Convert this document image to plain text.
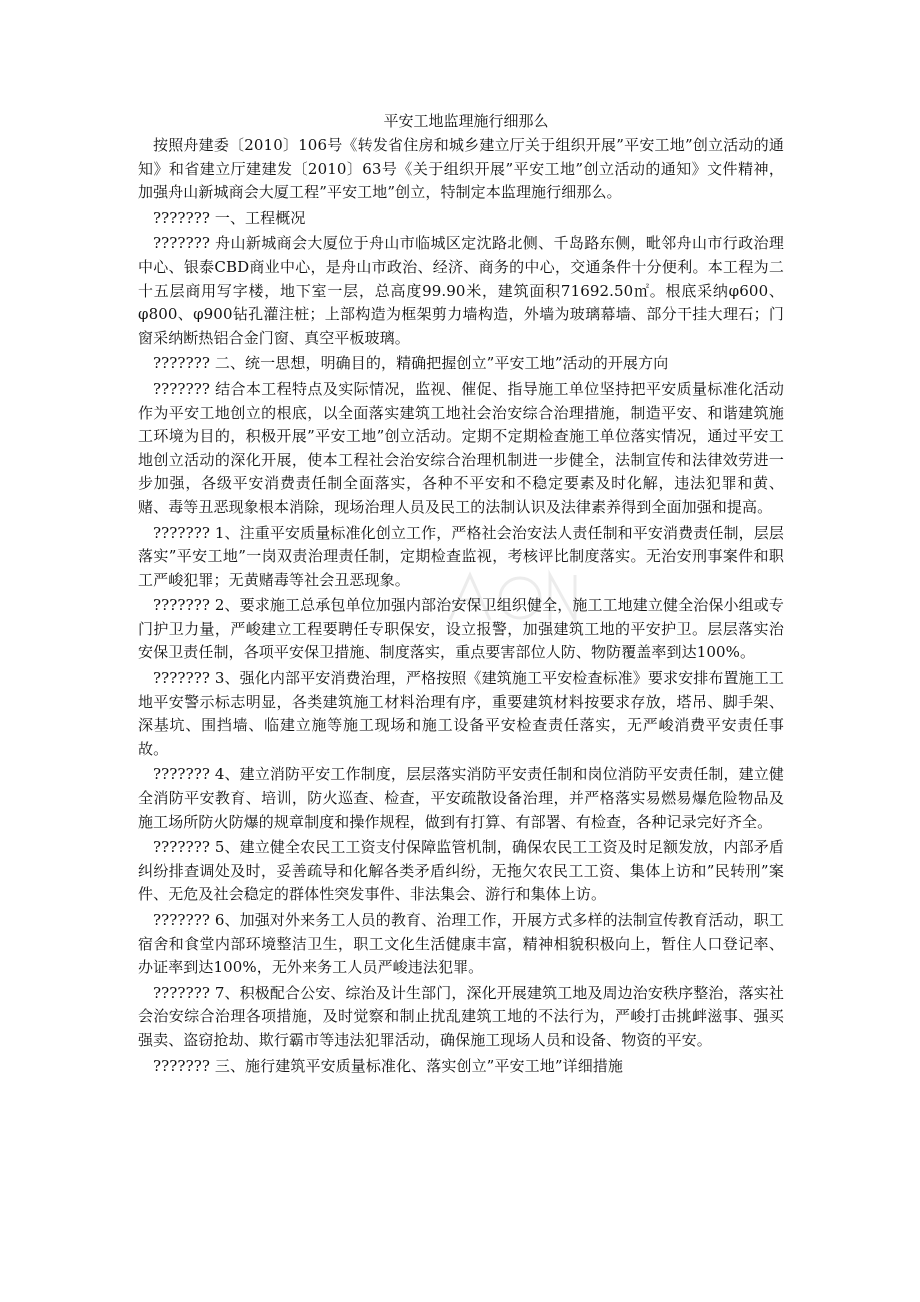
平安工地监理施行细那么
按照舟建委〔2010〕106号《转发省住房和城乡建立厅关于组织开展”平安工地”创立活动的通知》和省建立厅建建发〔2010〕63号《关于组织开展”平安工地”创立活动的通知》文件精神，加强舟山新城商会大厦工程”平安工地”创立，特制定本监理施行细那么。
??????? 一、工程概况
??????? 舟山新城商会大厦位于舟山市临城区定沈路北侧、千岛路东侧，毗邻舟山市行政治理中心、银泰CBD商业中心，是舟山市政治、经济、商务的中心，交通条件十分便利。本工程为二十五层商用写字楼，地下室一层，总高度99.90米，建筑面积71692.50㎡。根底采纳φ600、φ800、φ900钻孔灌注桩；上部构造为框架剪力墙构造，外墙为玻璃幕墙、部分干挂大理石；门窗采纳断热铝合金门窗、真空平板玻璃。
??????? 二、统一思想，明确目的，精确把握创立”平安工地”活动的开展方向
??????? 结合本工程特点及实际情况，监视、催促、指导施工单位坚持把平安质量标准化活动作为平安工地创立的根底，以全面落实建筑工地社会治安综合治理措施，制造平安、和谐建筑施工环境为目的，积极开展”平安工地”创立活动。定期不定期检查施工单位落实情况，通过平安工地创立活动的深化开展，使本工程社会治安综合治理机制进一步健全，法制宣传和法律效劳进一步加强，各级平安消费责任制全面落实，各种不平安和不稳定要素及时化解，违法犯罪和黄、赌、毒等丑恶现象根本消除，现场治理人员及民工的法制认识及法律素养得到全面加强和提高。
??????? 1、注重平安质量标准化创立工作，严格社会治安法人责任制和平安消费责任制，层层落实”平安工地”一岗双责治理责任制，定期检查监视，考核评比制度落实。无治安刑事案件和职工严峻犯罪；无黄赌毒等社会丑恶现象。
??????? 2、要求施工总承包单位加强内部治安保卫组织健全，施工工地建立健全治保小组或专门护卫力量，严峻建立工程要聘任专职保安，设立报警，加强建筑工地的平安护卫。层层落实治安保卫责任制，各项平安保卫措施、制度落实，重点要害部位人防、物防覆盖率到达100%。
??????? 3、强化内部平安消费治理，严格按照《建筑施工平安检查标准》要求安排布置施工工地平安警示标志明显，各类建筑施工材料治理有序，重要建筑材料按要求存放，塔吊、脚手架、深基坑、围挡墙、临建立施等施工现场和施工设备平安检查责任落实，无严峻消费平安责任事故。
??????? 4、建立消防平安工作制度，层层落实消防平安责任制和岗位消防平安责任制，建立健全消防平安教育、培训，防火巡查、检查，平安疏散设备治理，并严格落实易燃易爆危险物品及施工场所防火防爆的规章制度和操作规程，做到有打算、有部署、有检查，各种记录完好齐全。
??????? 5、建立健全农民工工资支付保障监管机制，确保农民工工资及时足额发放，内部矛盾纠纷排查调处及时，妥善疏导和化解各类矛盾纠纷，无拖欠农民工工资、集体上访和”民转刑”案件、无危及社会稳定的群体性突发事件、非法集会、游行和集体上访。
??????? 6、加强对外来务工人员的教育、治理工作，开展方式多样的法制宣传教育活动，职工宿舍和食堂内部环境整洁卫生，职工文化生活健康丰富，精神相貌积极向上，暂住人口登记率、办证率到达100%，无外来务工人员严峻违法犯罪。
??????? 7、积极配合公安、综治及计生部门，深化开展建筑工地及周边治安秩序整治，落实社会治安综合治理各项措施，及时觉察和制止扰乱建筑工地的不法行为，严峻打击挑衅滋事、强买强卖、盗窃抢劫、欺行霸市等违法犯罪活动，确保施工现场人员和设备、物资的平安。
??????? 三、施行建筑平安质量标准化、落实创立”平安工地”详细措施
